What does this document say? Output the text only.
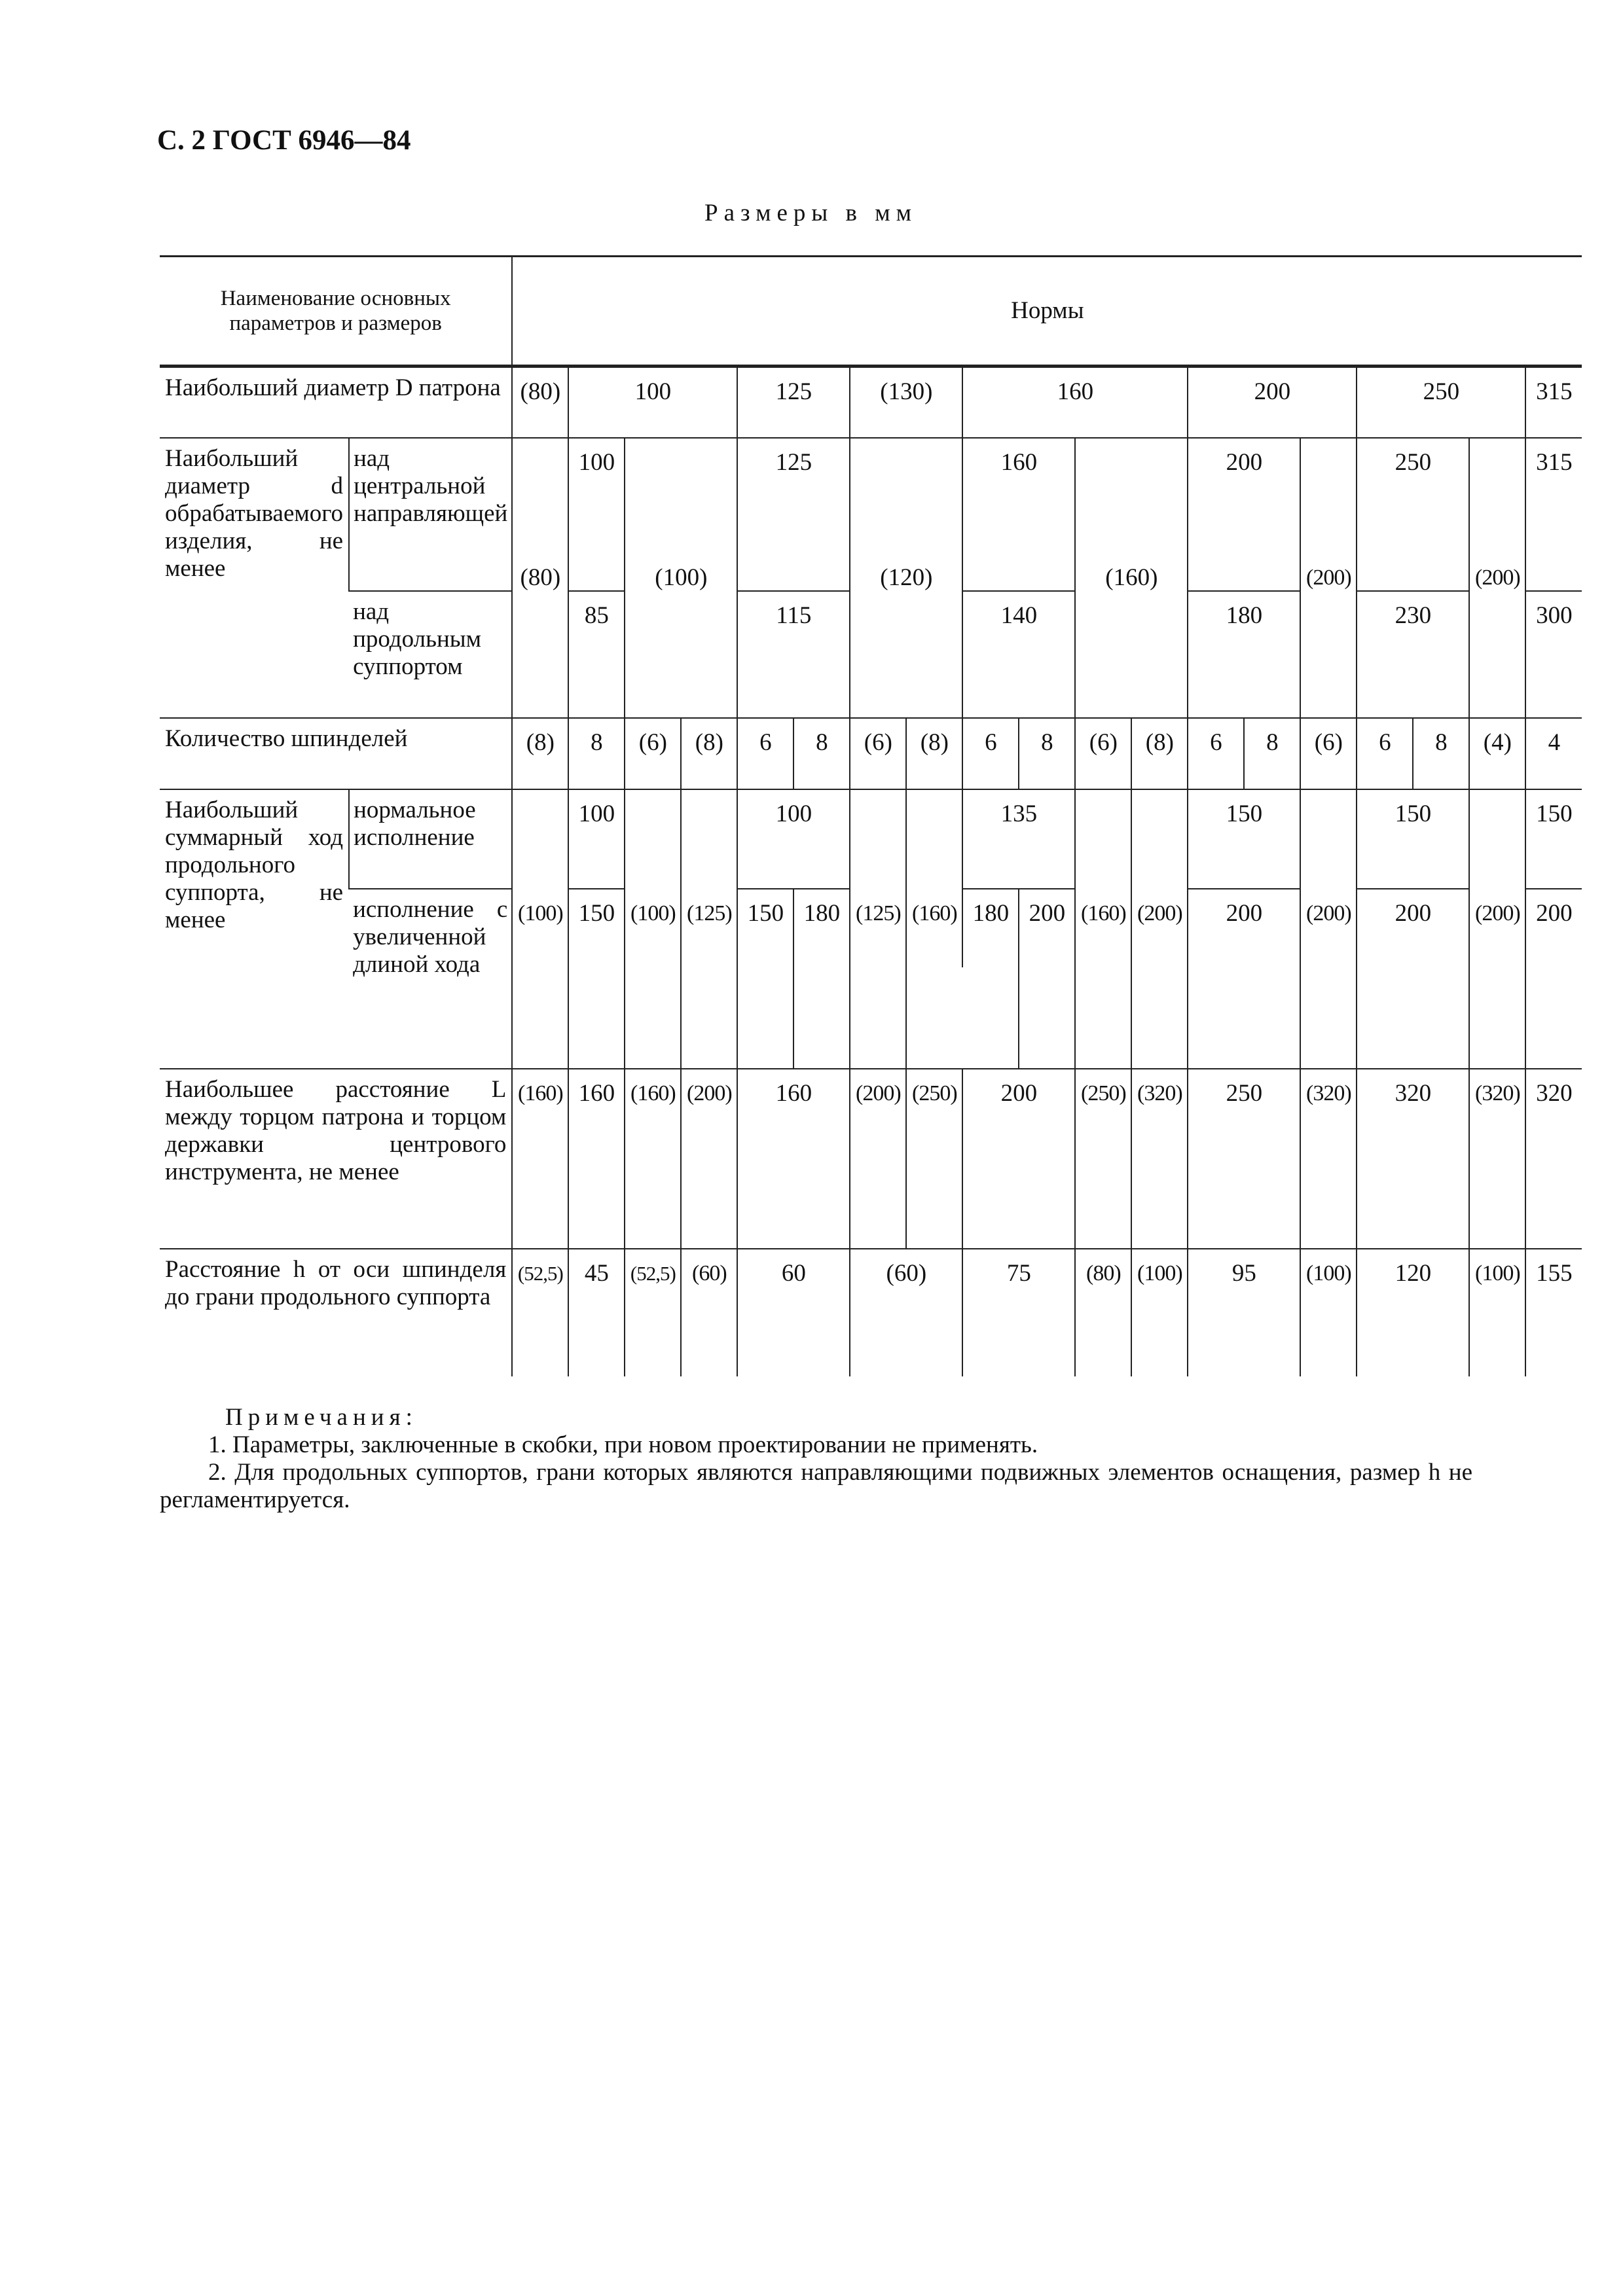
С. 2 ГОСТ 6946—84
Размеры в мм
Наименование основных параметров и размеров		Нормы																		
Наибольший диаметр D патрона		(80)	100			125		(130)		160				200			250			315
Наибольший диаметр d обрабатываемого изделия, не менее	над центральной направляющей	(80)	100	(100)		125		(120)		160		(160)		200		(200)	250		(200)	315
	над продольным суппортом		85			115				140				180			230			300
Количество шпинделей		(8)	8	(6)	(8)	6	8	(6)	(8)	6	8	(6)	(8)	6	8	(6)	6	8	(4)	4
Наибольший суммарный ход продольного суппорта, не менее	нормальное исполнение	(100)	100	(100)	(125)	100		(125)	(160)	135		(160)	(200)	150		(200)	150		(200)	150
	исполнение с увеличенной длиной хода		150			150	180			180	200			200			200			200

Наибольшее расстояние L между торцом патрона и торцом державки центрового инструмента, не менее		(160)	160	(160)	(200)	160		(200)	(250)	200		(250)	(320)	250		(320)	320		(320)	320
Расстояние h от оси шпинделя до грани продольного суппорта		(52,5)	45	(52,5)	(60)	60		(60)		75		(80)	(100)	95		(100)	120		(100)	155
Примечания:
1. Параметры, заключенные в скобки, при новом проектировании не применять.
2. Для продольных суппортов, грани которых являются направляющими подвижных элементов оснащения, размер h не регламентируется.
